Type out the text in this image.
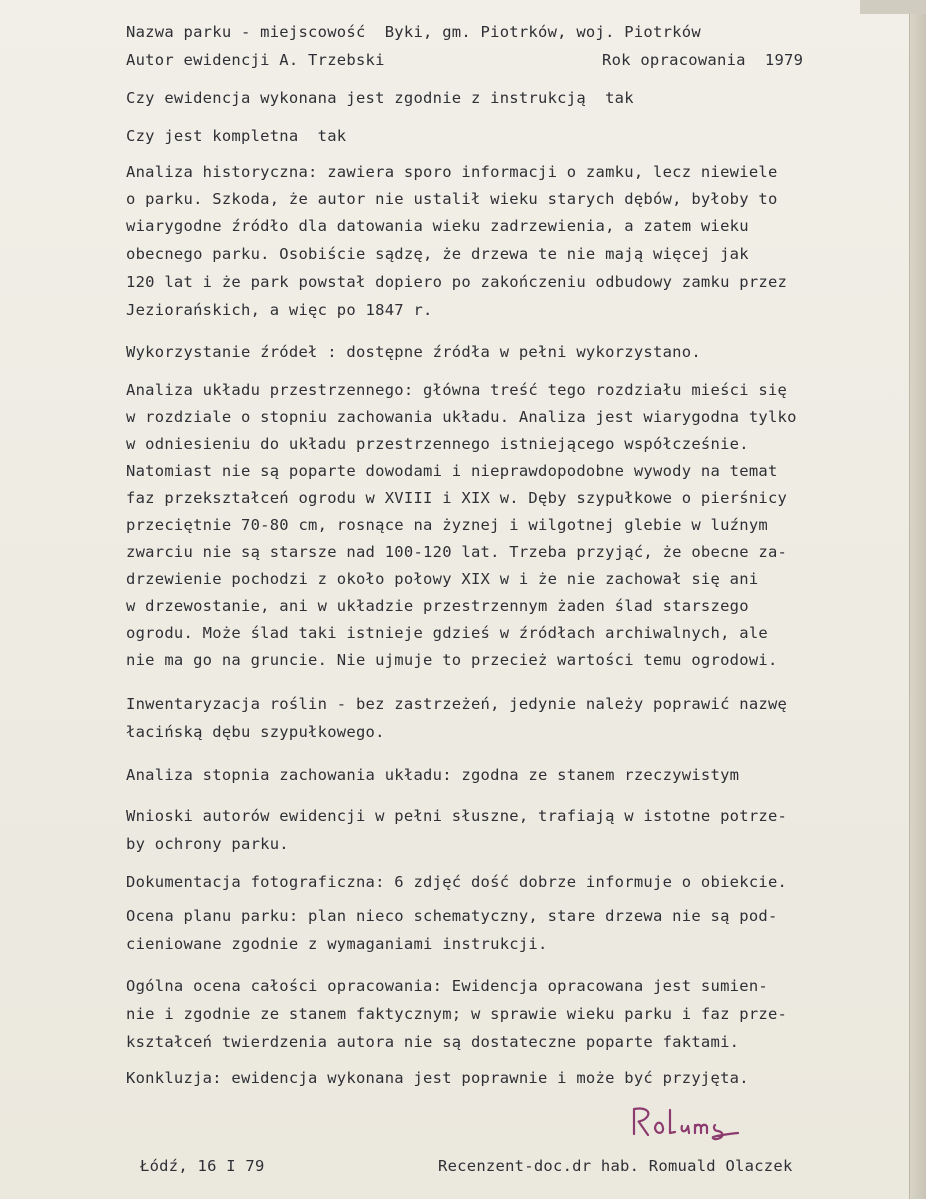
Nazwa parku - miejscowość  Byki, gm. Piotrków, woj. Piotrków
Autor ewidencji A. Trzebski	Rok opracowania  1979
Czy ewidencja wykonana jest zgodnie z instrukcją  tak
Czy jest kompletna  tak
Analiza historyczna: zawiera sporo informacji o zamku, lecz niewiele
o parku. Szkoda, że autor nie ustalił wieku starych dębów, byłoby to
wiarygodne źródło dla datowania wieku zadrzewienia, a zatem wieku
obecnego parku. Osobiście sądzę, że drzewa te nie mają więcej jak
120 lat i że park powstał dopiero po zakończeniu odbudowy zamku przez
Jeziorańskich, a więc po 1847 r.
Wykorzystanie źródeł : dostępne źródła w pełni wykorzystano.
Analiza układu przestrzennego: główna treść tego rozdziału mieści się
w rozdziale o stopniu zachowania układu. Analiza jest wiarygodna tylko
w odniesieniu do układu przestrzennego istniejącego współcześnie.
Natomiast nie są poparte dowodami i nieprawdopodobne wywody na temat
faz przekształceń ogrodu w XVIII i XIX w. Dęby szypułkowe o pierśnicy
przeciętnie 70-80 cm, rosnące na żyznej i wilgotnej glebie w luźnym
zwarciu nie są starsze nad 100-120 lat. Trzeba przyjąć, że obecne za-
drzewienie pochodzi z około połowy XIX w i że nie zachował się ani
w drzewostanie, ani w układzie przestrzennym żaden ślad starszego
ogrodu. Może ślad taki istnieje gdzieś w źródłach archiwalnych, ale
nie ma go na gruncie. Nie ujmuje to przecież wartości temu ogrodowi.
Inwentaryzacja roślin - bez zastrzeżeń, jedynie należy poprawić nazwę
łacińską dębu szypułkowego.
Analiza stopnia zachowania układu: zgodna ze stanem rzeczywistym
Wnioski autorów ewidencji w pełni słuszne, trafiają w istotne potrze-
by ochrony parku.
Dokumentacja fotograficzna: 6 zdjęć dość dobrze informuje o obiekcie.
Ocena planu parku: plan nieco schematyczny, stare drzewa nie są pod-
cieniowane zgodnie z wymaganiami instrukcji.
Ogólna ocena całości opracowania: Ewidencja opracowana jest sumien-
nie i zgodnie ze stanem faktycznym; w sprawie wieku parku i faz prze-
kształceń twierdzenia autora nie są dostateczne poparte faktami.
Konkluzja: ewidencja wykonana jest poprawnie i może być przyjęta.
Łódź, 16 I 79	Recenzent-doc.dr hab. Romuald Olaczek
